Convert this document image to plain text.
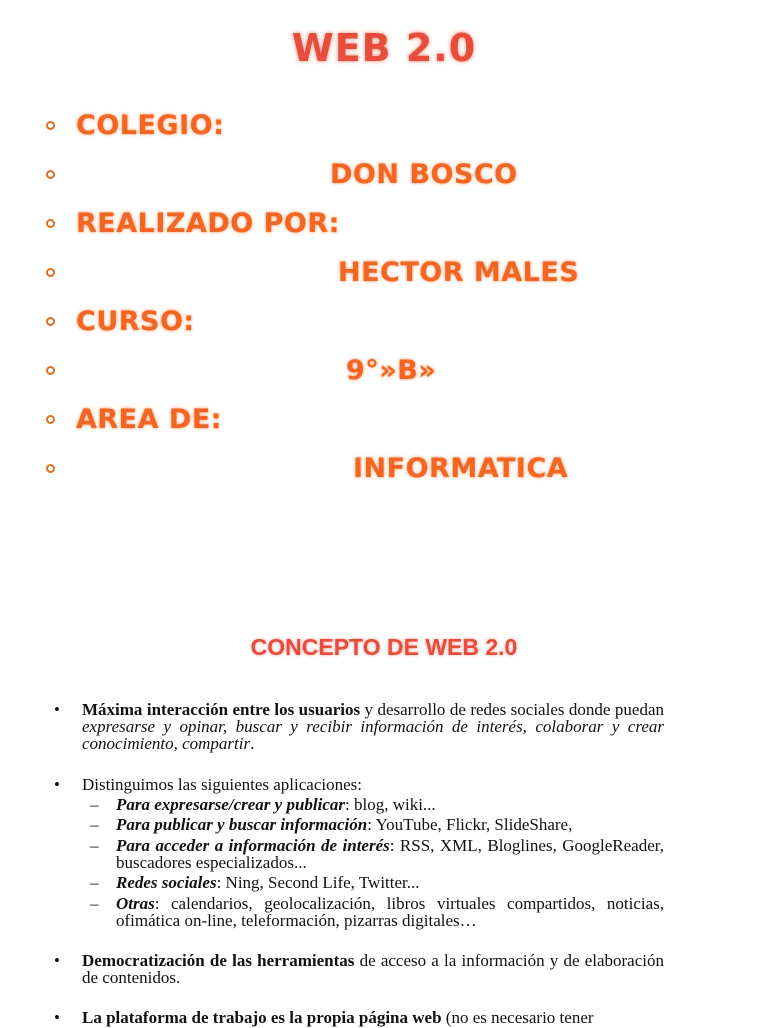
WEB 2.0
COLEGIO:
DON BOSCO
REALIZADO POR:
HECTOR MALES
CURSO:
9°»B»
AREA DE:
INFORMATICA
CONCEPTO DE WEB 2.0
• Máxima interacción entre los usuarios y desarrollo de redes sociales donde puedan expresarse y opinar, buscar y recibir información de interés, colaborar y crear conocimiento, compartir.
• Distinguimos las siguientes aplicaciones:
– Para expresarse/crear y publicar: blog, wiki...
– Para publicar y buscar información: YouTube, Flickr, SlideShare,
– Para acceder a información de interés: RSS, XML, Bloglines, GoogleReader, buscadores especializados...
– Redes sociales: Ning, Second Life, Twitter...
– Otras: calendarios, geolocalización, libros virtuales compartidos, noticias, ofimática on-line, teleformación, pizarras digitales…
• Democratización de las herramientas de acceso a la información y de elaboración de contenidos.
• La plataforma de trabajo es la propia página web (no es necesario tener
